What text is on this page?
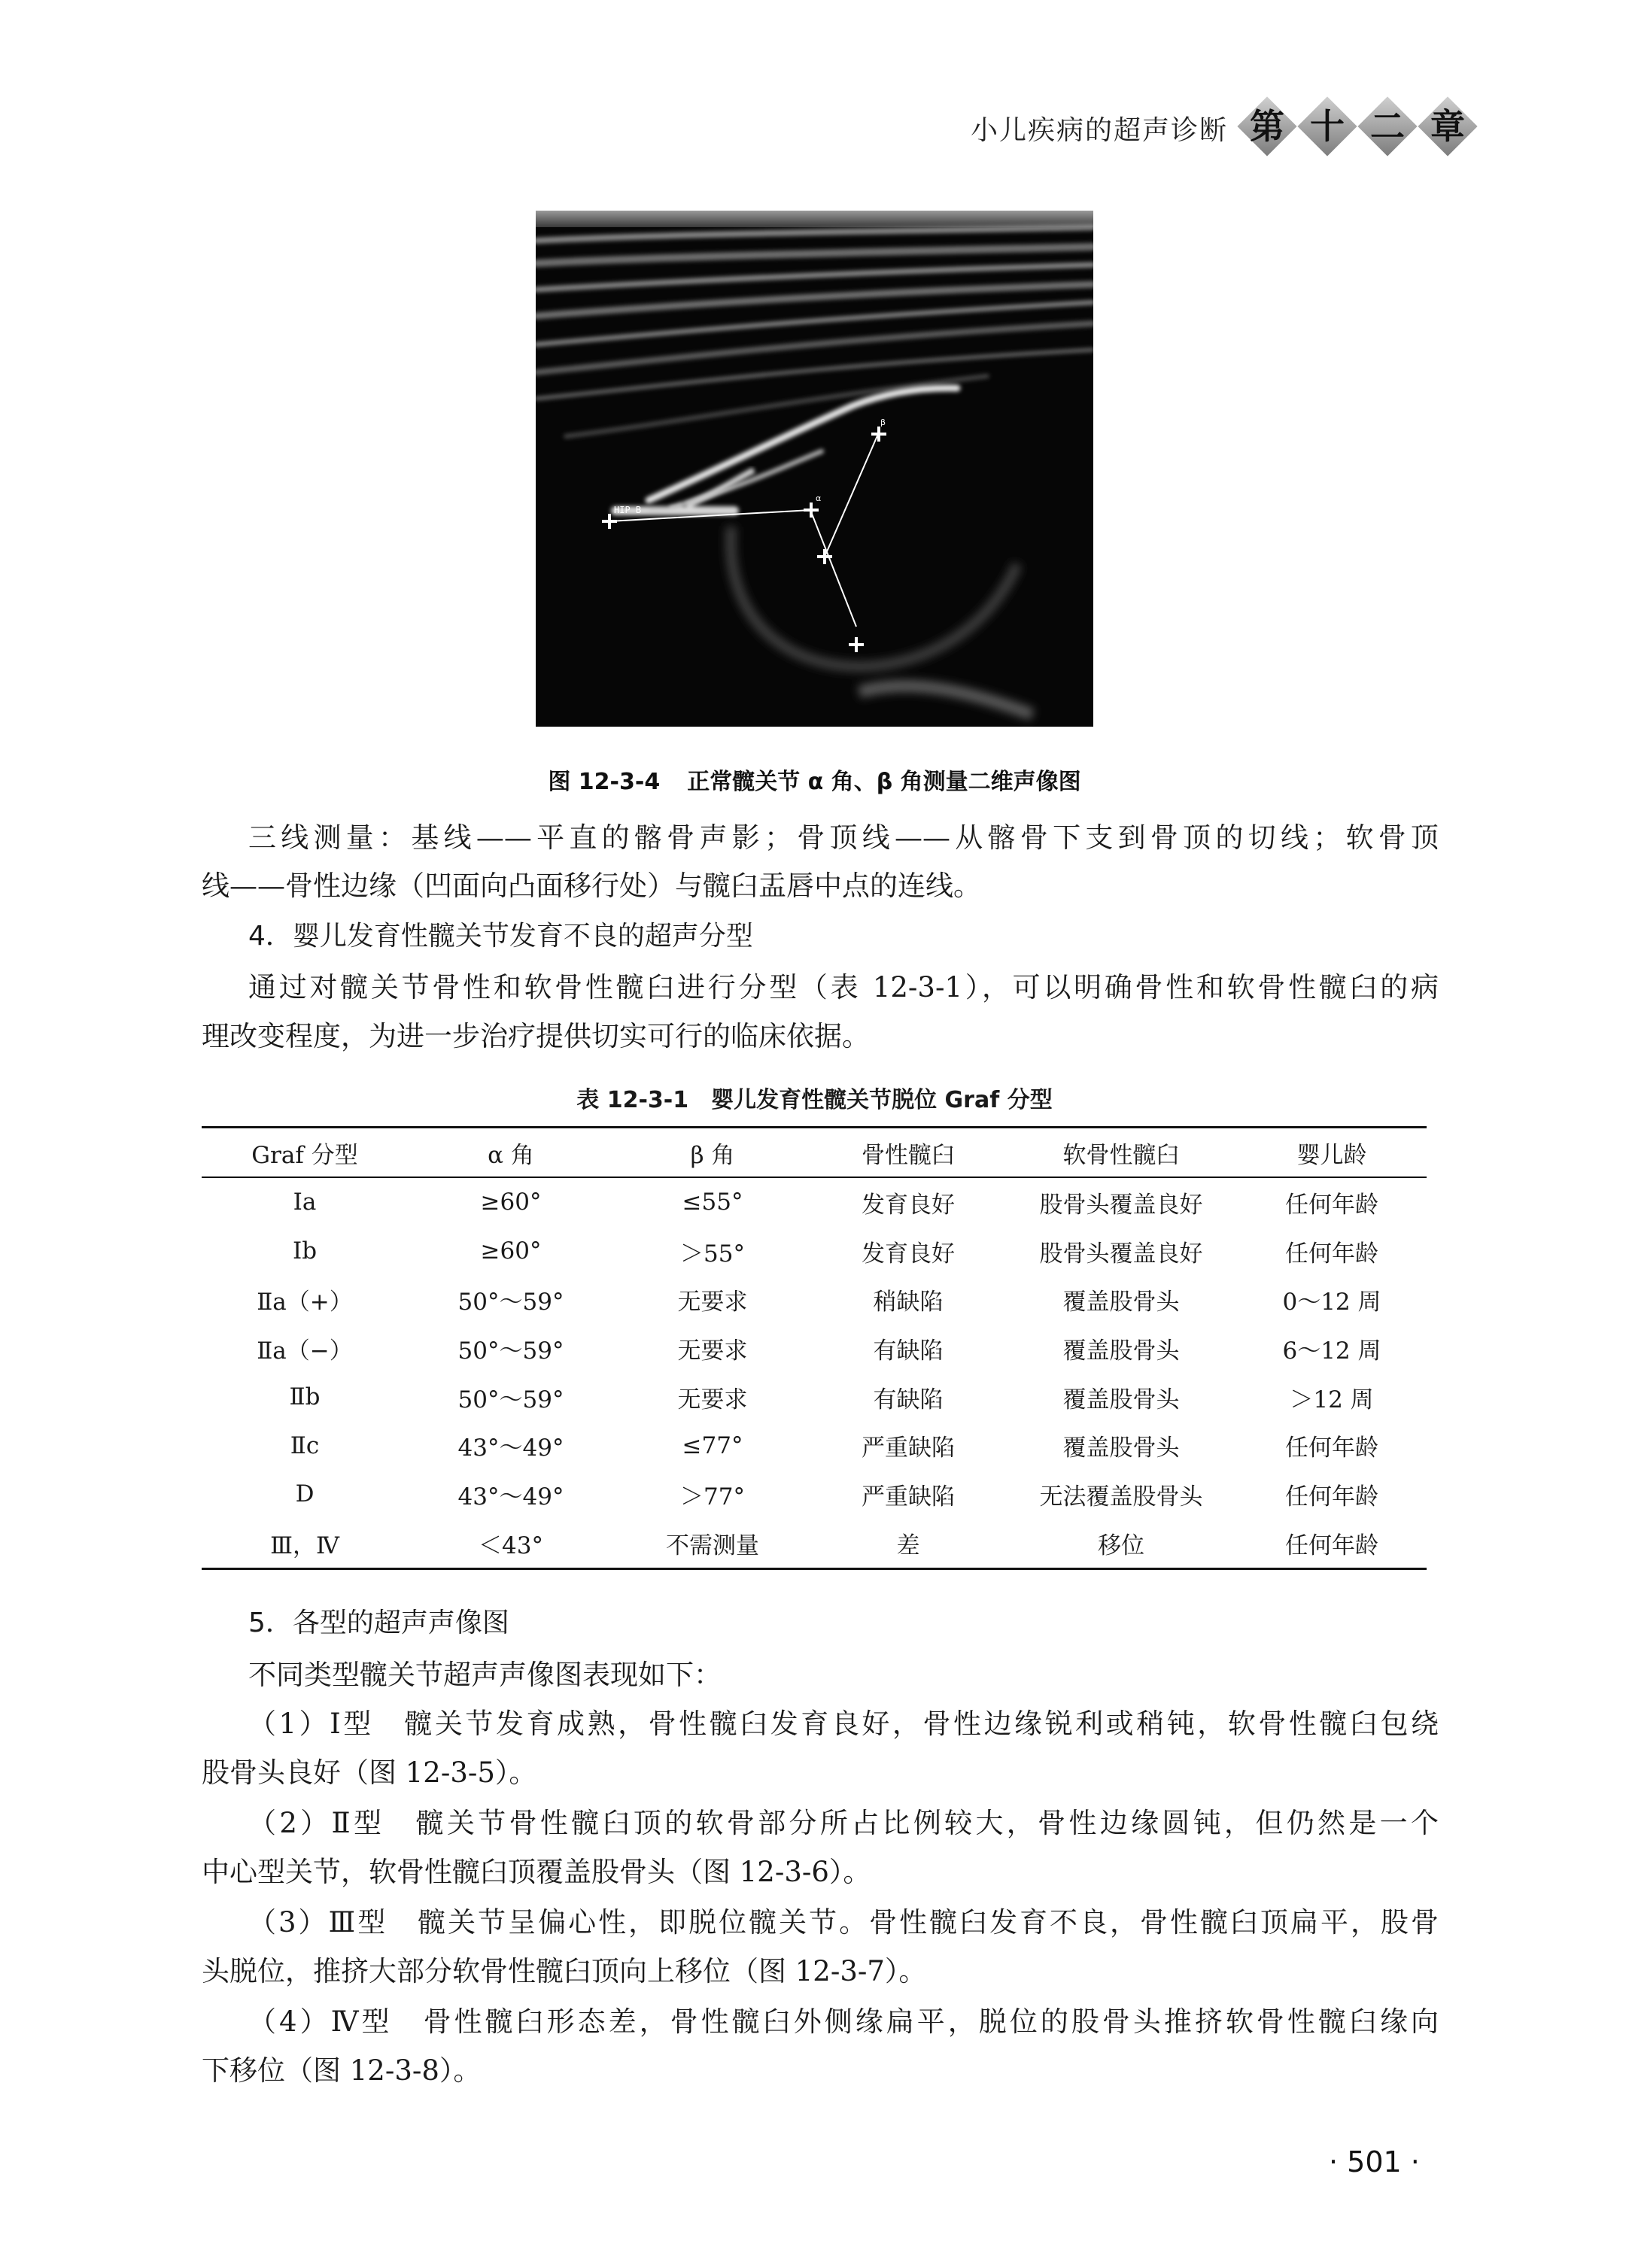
小儿疾病的超声诊断 第 十 二 章
HIP B
α
β
图 12-3-4 正常髋关节 α 角、β 角测量二维声像图
三线测量：基线——平直的髂骨声影；骨顶线——从髂骨下支到骨顶的切线；软骨顶
线——骨性边缘（凹面向凸面移行处）与髋臼盂唇中点的连线。
4．婴儿发育性髋关节发育不良的超声分型
通过对髋关节骨性和软骨性髋臼进行分型（表 12-3-1），可以明确骨性和软骨性髋臼的病
理改变程度，为进一步治疗提供切实可行的临床依据。
表 12-3-1 婴儿发育性髋关节脱位 Graf 分型
Graf 分型	α 角	β 角	骨性髋臼	软骨性髋臼	婴儿龄
Ⅰa	≥60°	≤55°	发育良好	股骨头覆盖良好	任何年龄
Ⅰb	≥60°	＞55°	发育良好	股骨头覆盖良好	任何年龄
Ⅱa（+）	50°～59°	无要求	稍缺陷	覆盖股骨头	0～12 周
Ⅱa（−）	50°～59°	无要求	有缺陷	覆盖股骨头	6～12 周
Ⅱb	50°～59°	无要求	有缺陷	覆盖股骨头	＞12 周
Ⅱc	43°～49°	≤77°	严重缺陷	覆盖股骨头	任何年龄
D	43°～49°	＞77°	严重缺陷	无法覆盖股骨头	任何年龄
Ⅲ，Ⅳ	＜43°	不需测量	差	移位	任何年龄
5．各型的超声声像图
不同类型髋关节超声声像图表现如下：
（1）Ⅰ型　髋关节发育成熟，骨性髋臼发育良好，骨性边缘锐利或稍钝，软骨性髋臼包绕
股骨头良好（图 12-3-5）。
（2）Ⅱ型　髋关节骨性髋臼顶的软骨部分所占比例较大，骨性边缘圆钝，但仍然是一个
中心型关节，软骨性髋臼顶覆盖股骨头（图 12-3-6）。
（3）Ⅲ型　髋关节呈偏心性，即脱位髋关节。骨性髋臼发育不良，骨性髋臼顶扁平，股骨
头脱位，推挤大部分软骨性髋臼顶向上移位（图 12-3-7）。
（4）Ⅳ型　骨性髋臼形态差，骨性髋臼外侧缘扁平，脱位的股骨头推挤软骨性髋臼缘向
下移位（图 12-3-8）。
· 501 ·
